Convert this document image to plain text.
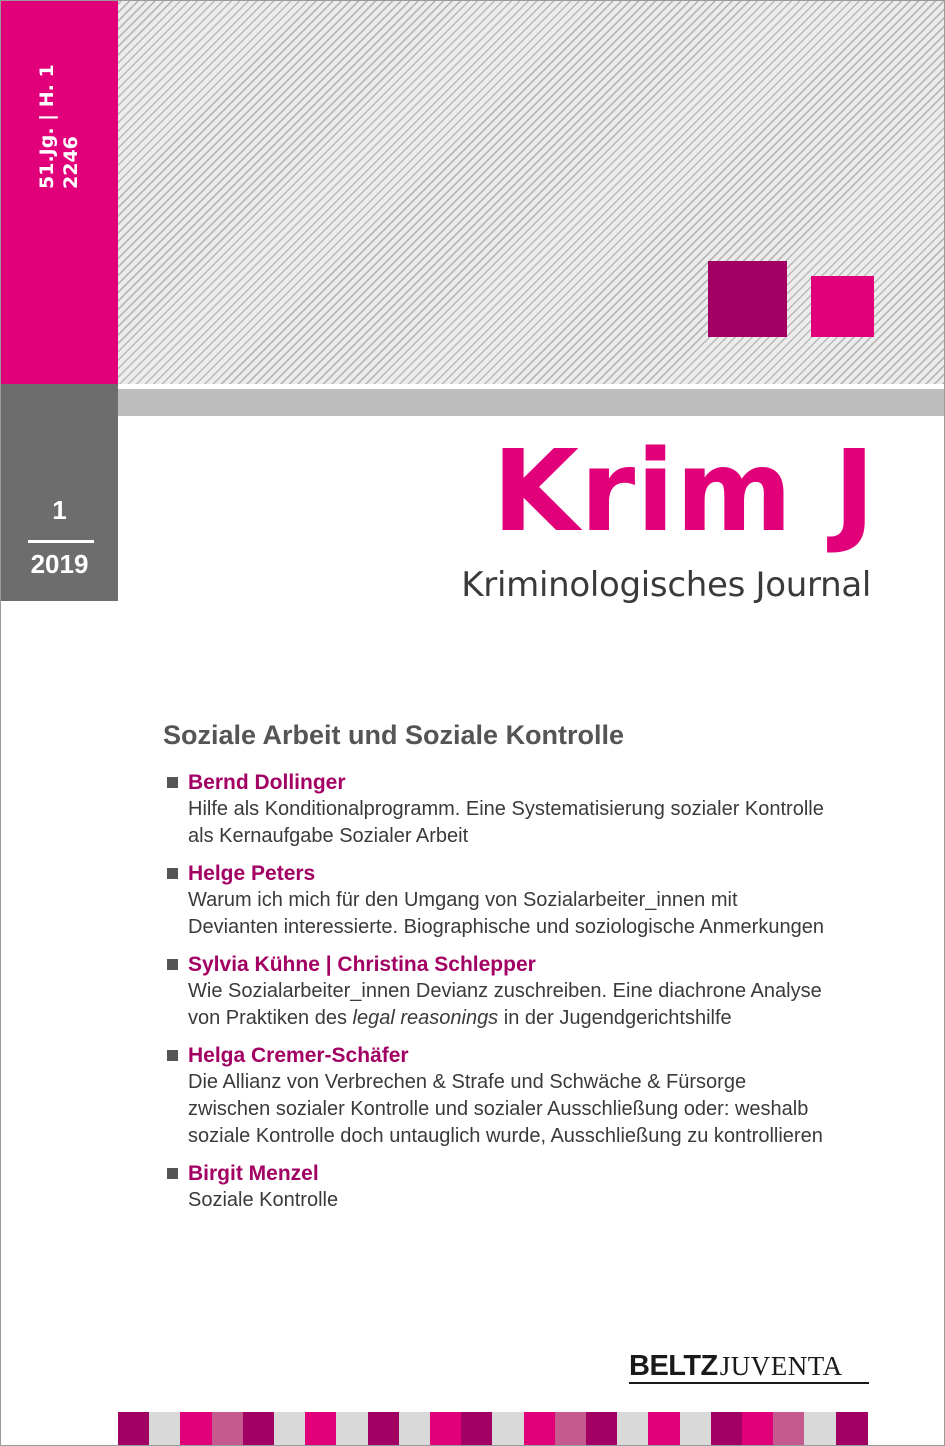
51.Jg. | H. 1 2246
1
2019
Krim J
Kriminologisches Journal
Soziale Arbeit und Soziale Kontrolle
Bernd Dollinger
Hilfe als Konditionalprogramm. Eine Systematisierung sozialer Kontrolle
als Kernaufgabe Sozialer Arbeit
Helge Peters
Warum ich mich für den Umgang von Sozialarbeiter_innen mit
Devianten interessierte. Biographische und soziologische Anmerkungen
Sylvia Kühne | Christina Schlepper
Wie Sozialarbeiter_innen Devianz zuschreiben. Eine diachrone Analyse
von Praktiken des legal reasonings in der Jugendgerichtshilfe
Helga Cremer-Schäfer
Die Allianz von Verbrechen & Strafe und Schwäche & Fürsorge
zwischen sozialer Kontrolle und sozialer Ausschließung oder: weshalb
soziale Kontrolle doch untauglich wurde, Ausschließung zu kontrollieren
Birgit Menzel
Soziale Kontrolle
BELTZ JUVENTA
